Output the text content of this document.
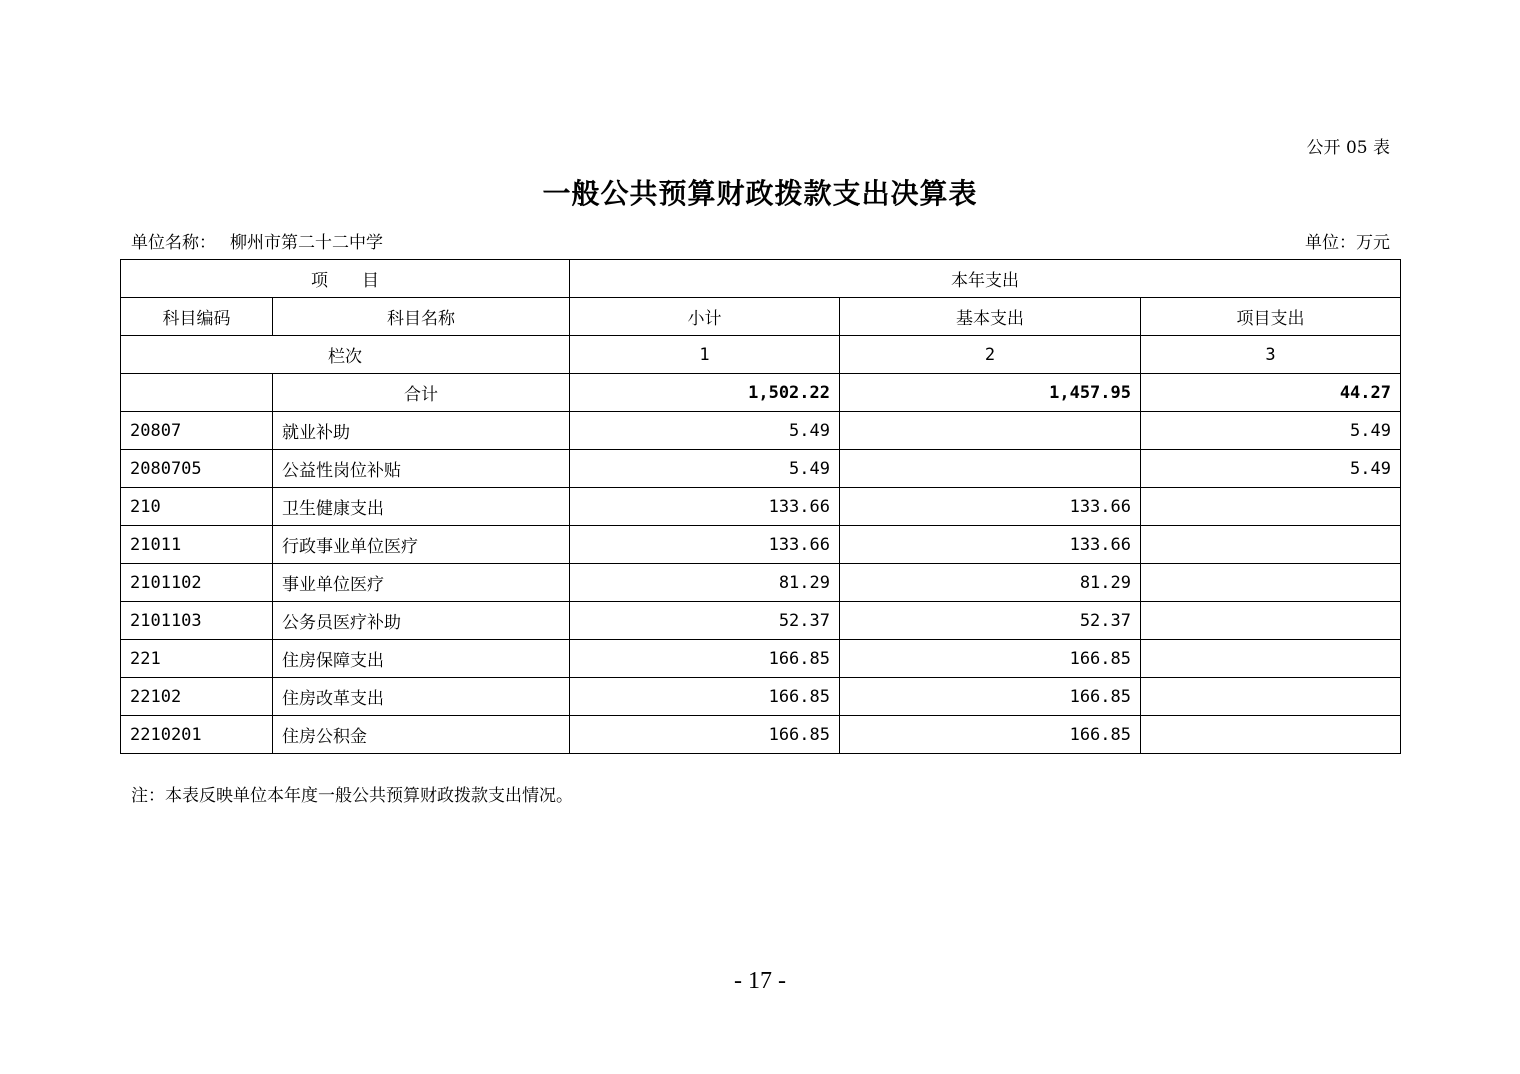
公开 05 表
一般公共预算财政拨款支出决算表
单位名称： 柳州市第二十二中学	单位：万元
项　　目		本年支出		
科目编码	科目名称	小计	基本支出	项目支出
栏次		1	2	3
	合计	1,502.22	1,457.95	44.27
20807	就业补助	5.49		5.49
2080705	公益性岗位补贴	5.49		5.49
210	卫生健康支出	133.66	133.66	
21011	行政事业单位医疗	133.66	133.66	
2101102	事业单位医疗	81.29	81.29	
2101103	公务员医疗补助	52.37	52.37	
221	住房保障支出	166.85	166.85	
22102	住房改革支出	166.85	166.85	
2210201	住房公积金	166.85	166.85	
注：本表反映单位本年度一般公共预算财政拨款支出情况。
- 17 -
